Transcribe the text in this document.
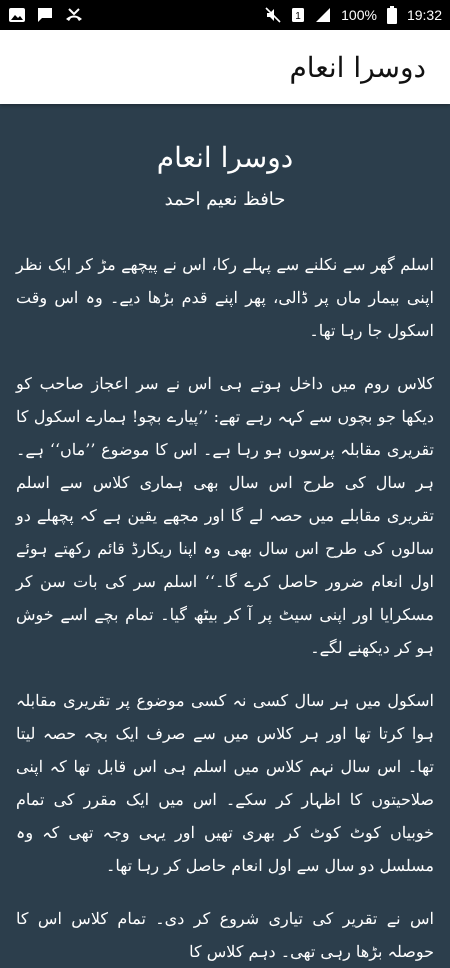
1	100% 19:32
دوسرا انعام
دوسرا انعام
حافظ نعیم احمد

اسلم گھر سے نکلنے سے پہلے رکا، اس نے پیچھے مڑ کر ایک نظر اپنی بیمار ماں پر ڈالی، پھر اپنے قدم بڑھا دیے۔ وہ اس وقت اسکول جا رہا تھا۔

کلاس روم میں داخل ہوتے ہی اس نے سر اعجاز صاحب کو دیکھا جو بچوں سے کہہ رہے تھے: ’’پیارے بچو! ہمارے اسکول کا تقریری مقابلہ پرسوں ہو رہا ہے۔ اس کا موضوع ’’ماں‘‘ ہے۔ ہر سال کی طرح اس سال بھی ہماری کلاس سے اسلم تقریری مقابلے میں حصہ لے گا اور مجھے یقین ہے کہ پچھلے دو سالوں کی طرح اس سال بھی وہ اپنا ریکارڈ قائم رکھتے ہوئے اول انعام ضرور حاصل کرے گا۔‘‘ اسلم سر کی بات سن کر مسکرایا اور اپنی سیٹ پر آ کر بیٹھ گیا۔ تمام بچے اسے خوش ہو کر دیکھنے لگے۔

اسکول میں ہر سال کسی نہ کسی موضوع پر تقریری مقابلہ ہوا کرتا تھا اور ہر کلاس میں سے صرف ایک بچہ حصہ لیتا تھا۔ اس سال نہم کلاس میں اسلم ہی اس قابل تھا کہ اپنی صلاحیتوں کا اظہار کر سکے۔ اس میں ایک مقرر کی تمام خوبیاں کوٹ کوٹ کر بھری تھیں اور یہی وجہ تھی کہ وہ مسلسل دو سال سے اول انعام حاصل کر رہا تھا۔

اس نے تقریر کی تیاری شروع کر دی۔ تمام کلاس اس کا حوصلہ بڑھا رہی تھی۔ دہم کلاس کا
